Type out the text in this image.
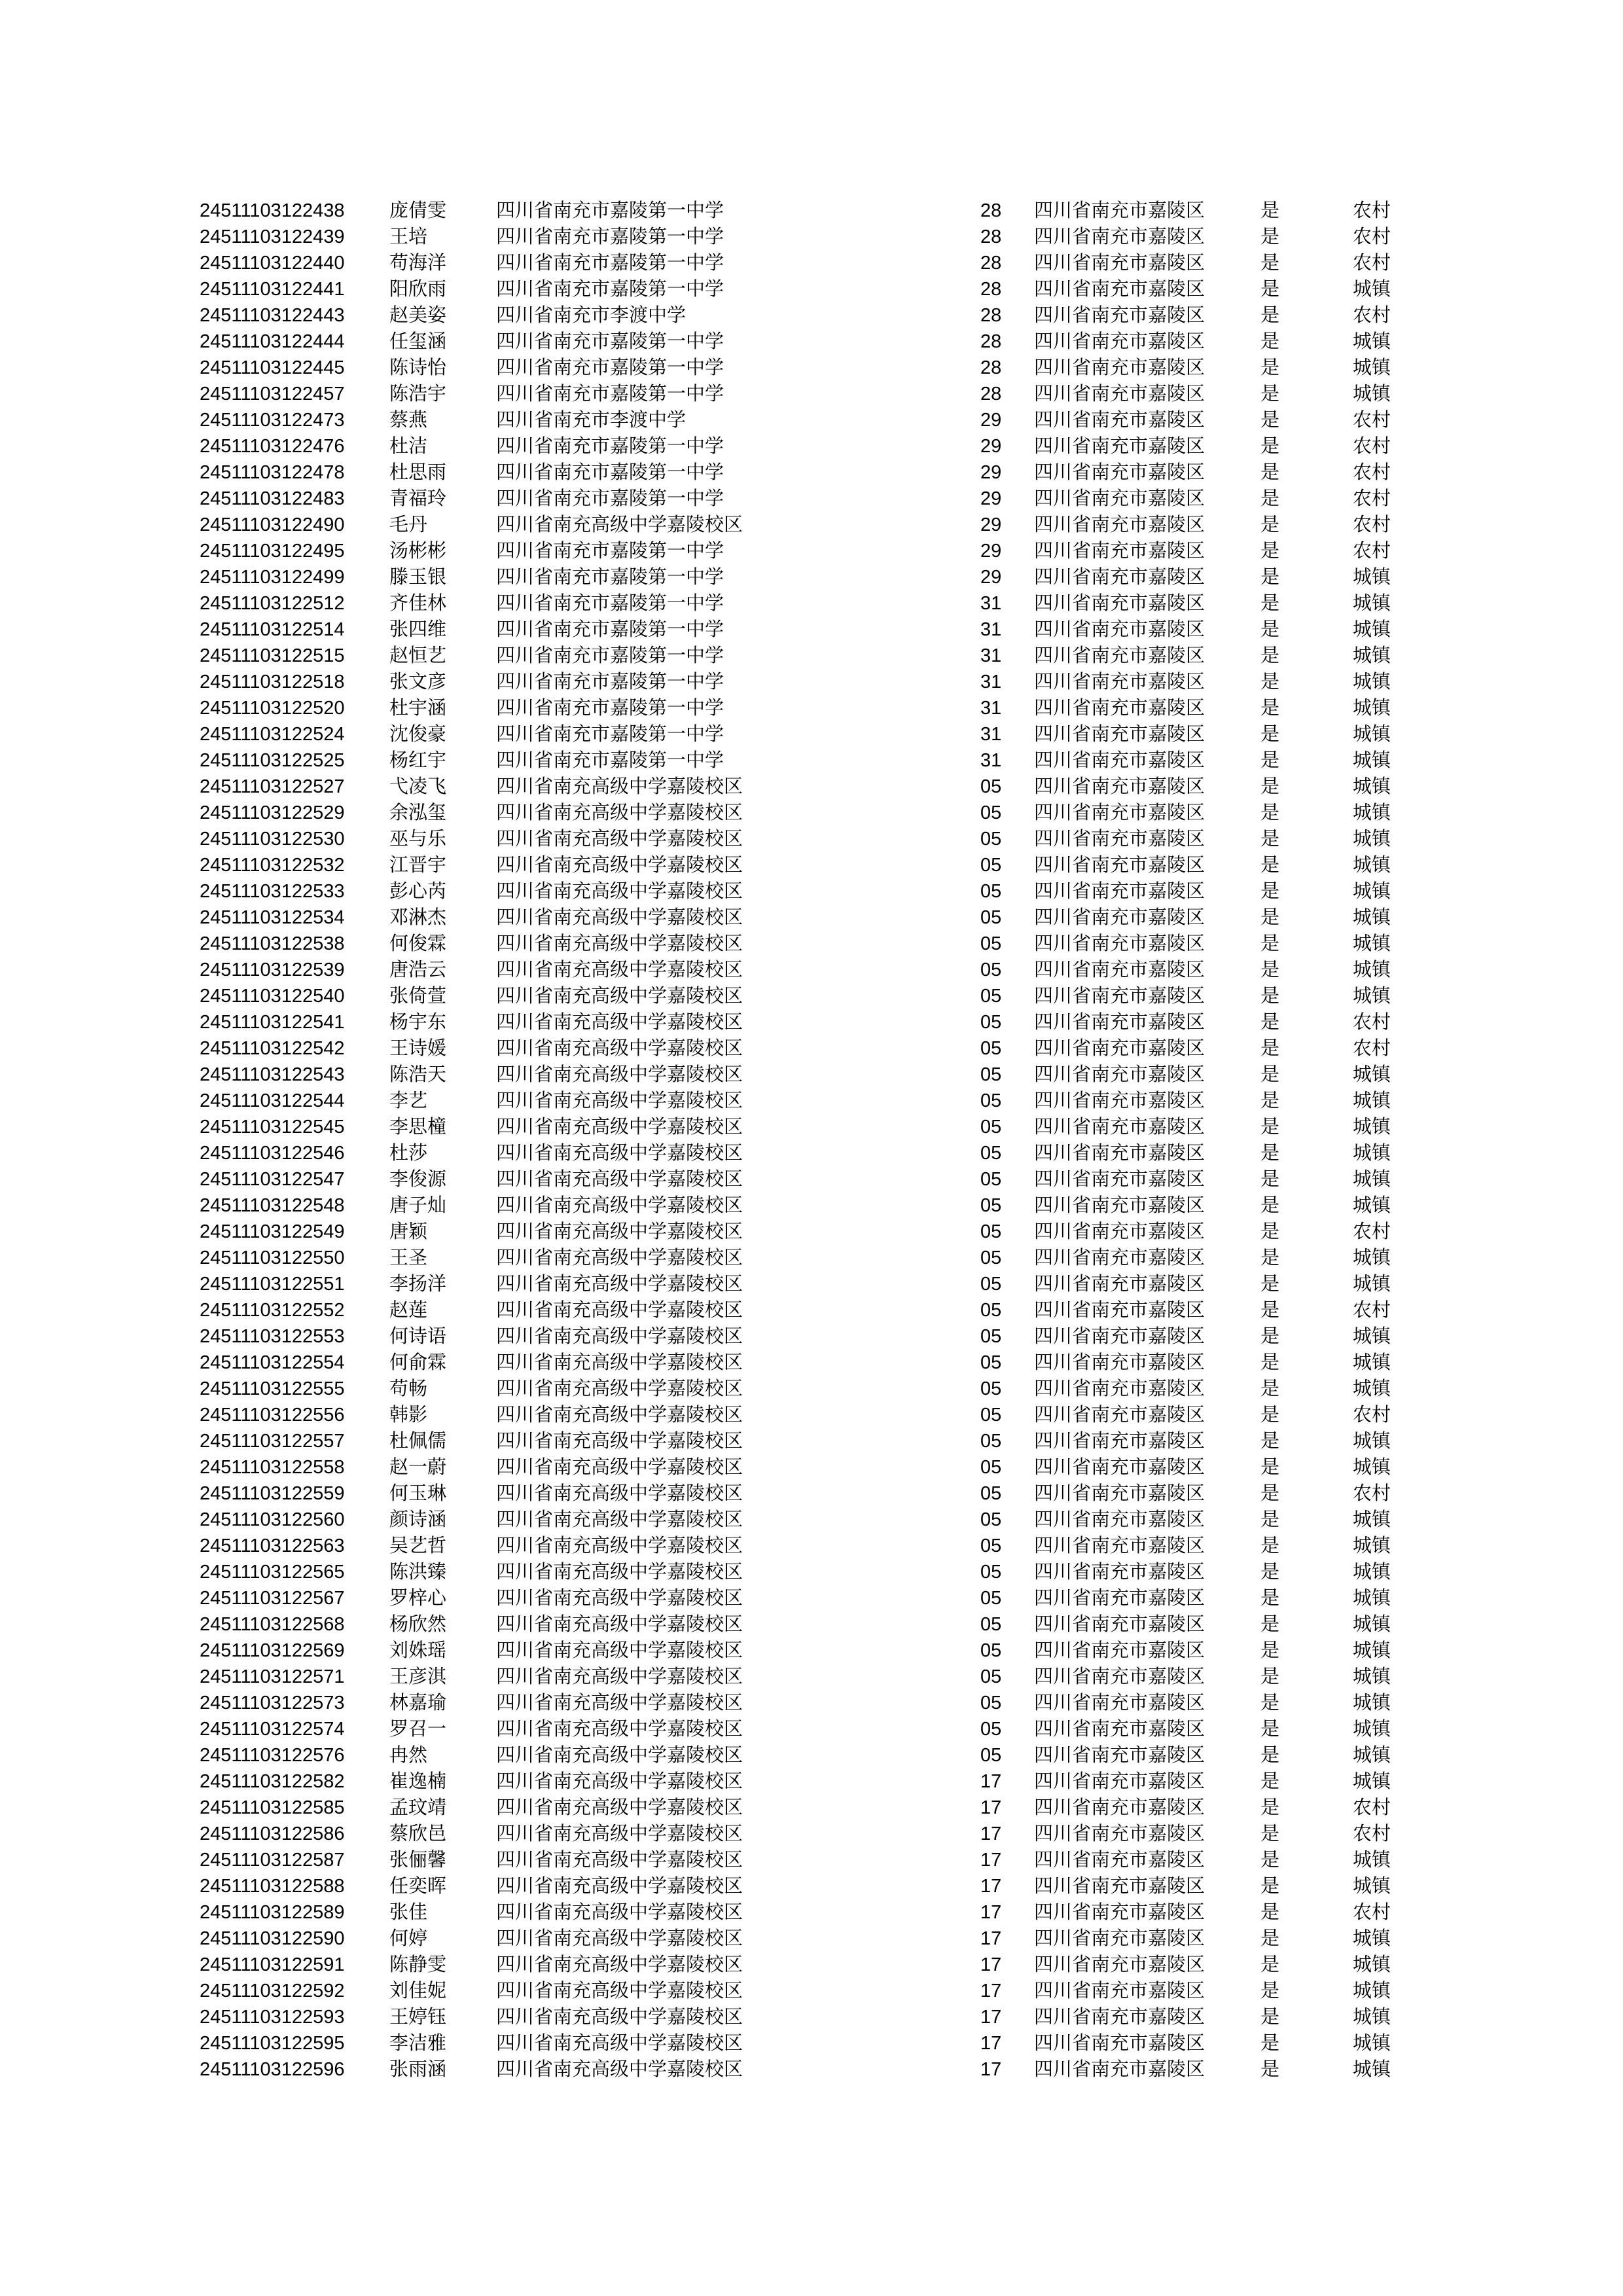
24511103122438	庞倩雯	四川省南充市嘉陵第一中学	28	四川省南充市嘉陵区	是	农村
24511103122439	王培	四川省南充市嘉陵第一中学	28	四川省南充市嘉陵区	是	农村
24511103122440	苟海洋	四川省南充市嘉陵第一中学	28	四川省南充市嘉陵区	是	农村
24511103122441	阳欣雨	四川省南充市嘉陵第一中学	28	四川省南充市嘉陵区	是	城镇
24511103122443	赵美姿	四川省南充市李渡中学	28	四川省南充市嘉陵区	是	农村
24511103122444	任玺涵	四川省南充市嘉陵第一中学	28	四川省南充市嘉陵区	是	城镇
24511103122445	陈诗怡	四川省南充市嘉陵第一中学	28	四川省南充市嘉陵区	是	城镇
24511103122457	陈浩宇	四川省南充市嘉陵第一中学	28	四川省南充市嘉陵区	是	城镇
24511103122473	蔡燕	四川省南充市李渡中学	29	四川省南充市嘉陵区	是	农村
24511103122476	杜洁	四川省南充市嘉陵第一中学	29	四川省南充市嘉陵区	是	农村
24511103122478	杜思雨	四川省南充市嘉陵第一中学	29	四川省南充市嘉陵区	是	农村
24511103122483	青福玲	四川省南充市嘉陵第一中学	29	四川省南充市嘉陵区	是	农村
24511103122490	毛丹	四川省南充高级中学嘉陵校区	29	四川省南充市嘉陵区	是	农村
24511103122495	汤彬彬	四川省南充市嘉陵第一中学	29	四川省南充市嘉陵区	是	农村
24511103122499	滕玉银	四川省南充市嘉陵第一中学	29	四川省南充市嘉陵区	是	城镇
24511103122512	齐佳林	四川省南充市嘉陵第一中学	31	四川省南充市嘉陵区	是	城镇
24511103122514	张四维	四川省南充市嘉陵第一中学	31	四川省南充市嘉陵区	是	城镇
24511103122515	赵恒艺	四川省南充市嘉陵第一中学	31	四川省南充市嘉陵区	是	城镇
24511103122518	张文彦	四川省南充市嘉陵第一中学	31	四川省南充市嘉陵区	是	城镇
24511103122520	杜宇涵	四川省南充市嘉陵第一中学	31	四川省南充市嘉陵区	是	城镇
24511103122524	沈俊豪	四川省南充市嘉陵第一中学	31	四川省南充市嘉陵区	是	城镇
24511103122525	杨红宇	四川省南充市嘉陵第一中学	31	四川省南充市嘉陵区	是	城镇
24511103122527	弋凌飞	四川省南充高级中学嘉陵校区	05	四川省南充市嘉陵区	是	城镇
24511103122529	余泓玺	四川省南充高级中学嘉陵校区	05	四川省南充市嘉陵区	是	城镇
24511103122530	巫与乐	四川省南充高级中学嘉陵校区	05	四川省南充市嘉陵区	是	城镇
24511103122532	江晋宇	四川省南充高级中学嘉陵校区	05	四川省南充市嘉陵区	是	城镇
24511103122533	彭心芮	四川省南充高级中学嘉陵校区	05	四川省南充市嘉陵区	是	城镇
24511103122534	邓淋杰	四川省南充高级中学嘉陵校区	05	四川省南充市嘉陵区	是	城镇
24511103122538	何俊霖	四川省南充高级中学嘉陵校区	05	四川省南充市嘉陵区	是	城镇
24511103122539	唐浩云	四川省南充高级中学嘉陵校区	05	四川省南充市嘉陵区	是	城镇
24511103122540	张倚萱	四川省南充高级中学嘉陵校区	05	四川省南充市嘉陵区	是	城镇
24511103122541	杨宇东	四川省南充高级中学嘉陵校区	05	四川省南充市嘉陵区	是	农村
24511103122542	王诗媛	四川省南充高级中学嘉陵校区	05	四川省南充市嘉陵区	是	农村
24511103122543	陈浩天	四川省南充高级中学嘉陵校区	05	四川省南充市嘉陵区	是	城镇
24511103122544	李艺	四川省南充高级中学嘉陵校区	05	四川省南充市嘉陵区	是	城镇
24511103122545	李思橦	四川省南充高级中学嘉陵校区	05	四川省南充市嘉陵区	是	城镇
24511103122546	杜莎	四川省南充高级中学嘉陵校区	05	四川省南充市嘉陵区	是	城镇
24511103122547	李俊源	四川省南充高级中学嘉陵校区	05	四川省南充市嘉陵区	是	城镇
24511103122548	唐子灿	四川省南充高级中学嘉陵校区	05	四川省南充市嘉陵区	是	城镇
24511103122549	唐颖	四川省南充高级中学嘉陵校区	05	四川省南充市嘉陵区	是	农村
24511103122550	王圣	四川省南充高级中学嘉陵校区	05	四川省南充市嘉陵区	是	城镇
24511103122551	李扬洋	四川省南充高级中学嘉陵校区	05	四川省南充市嘉陵区	是	城镇
24511103122552	赵莲	四川省南充高级中学嘉陵校区	05	四川省南充市嘉陵区	是	农村
24511103122553	何诗语	四川省南充高级中学嘉陵校区	05	四川省南充市嘉陵区	是	城镇
24511103122554	何俞霖	四川省南充高级中学嘉陵校区	05	四川省南充市嘉陵区	是	城镇
24511103122555	苟畅	四川省南充高级中学嘉陵校区	05	四川省南充市嘉陵区	是	城镇
24511103122556	韩影	四川省南充高级中学嘉陵校区	05	四川省南充市嘉陵区	是	农村
24511103122557	杜佩儒	四川省南充高级中学嘉陵校区	05	四川省南充市嘉陵区	是	城镇
24511103122558	赵一蔚	四川省南充高级中学嘉陵校区	05	四川省南充市嘉陵区	是	城镇
24511103122559	何玉琳	四川省南充高级中学嘉陵校区	05	四川省南充市嘉陵区	是	农村
24511103122560	颜诗涵	四川省南充高级中学嘉陵校区	05	四川省南充市嘉陵区	是	城镇
24511103122563	吴艺哲	四川省南充高级中学嘉陵校区	05	四川省南充市嘉陵区	是	城镇
24511103122565	陈洪臻	四川省南充高级中学嘉陵校区	05	四川省南充市嘉陵区	是	城镇
24511103122567	罗梓心	四川省南充高级中学嘉陵校区	05	四川省南充市嘉陵区	是	城镇
24511103122568	杨欣然	四川省南充高级中学嘉陵校区	05	四川省南充市嘉陵区	是	城镇
24511103122569	刘姝瑶	四川省南充高级中学嘉陵校区	05	四川省南充市嘉陵区	是	城镇
24511103122571	王彦淇	四川省南充高级中学嘉陵校区	05	四川省南充市嘉陵区	是	城镇
24511103122573	林嘉瑜	四川省南充高级中学嘉陵校区	05	四川省南充市嘉陵区	是	城镇
24511103122574	罗召一	四川省南充高级中学嘉陵校区	05	四川省南充市嘉陵区	是	城镇
24511103122576	冉然	四川省南充高级中学嘉陵校区	05	四川省南充市嘉陵区	是	城镇
24511103122582	崔逸楠	四川省南充高级中学嘉陵校区	17	四川省南充市嘉陵区	是	城镇
24511103122585	孟玟靖	四川省南充高级中学嘉陵校区	17	四川省南充市嘉陵区	是	农村
24511103122586	蔡欣邑	四川省南充高级中学嘉陵校区	17	四川省南充市嘉陵区	是	农村
24511103122587	张俪馨	四川省南充高级中学嘉陵校区	17	四川省南充市嘉陵区	是	城镇
24511103122588	任奕晖	四川省南充高级中学嘉陵校区	17	四川省南充市嘉陵区	是	城镇
24511103122589	张佳	四川省南充高级中学嘉陵校区	17	四川省南充市嘉陵区	是	农村
24511103122590	何婷	四川省南充高级中学嘉陵校区	17	四川省南充市嘉陵区	是	城镇
24511103122591	陈静雯	四川省南充高级中学嘉陵校区	17	四川省南充市嘉陵区	是	城镇
24511103122592	刘佳妮	四川省南充高级中学嘉陵校区	17	四川省南充市嘉陵区	是	城镇
24511103122593	王婷钰	四川省南充高级中学嘉陵校区	17	四川省南充市嘉陵区	是	城镇
24511103122595	李洁雅	四川省南充高级中学嘉陵校区	17	四川省南充市嘉陵区	是	城镇
24511103122596	张雨涵	四川省南充高级中学嘉陵校区	17	四川省南充市嘉陵区	是	城镇
